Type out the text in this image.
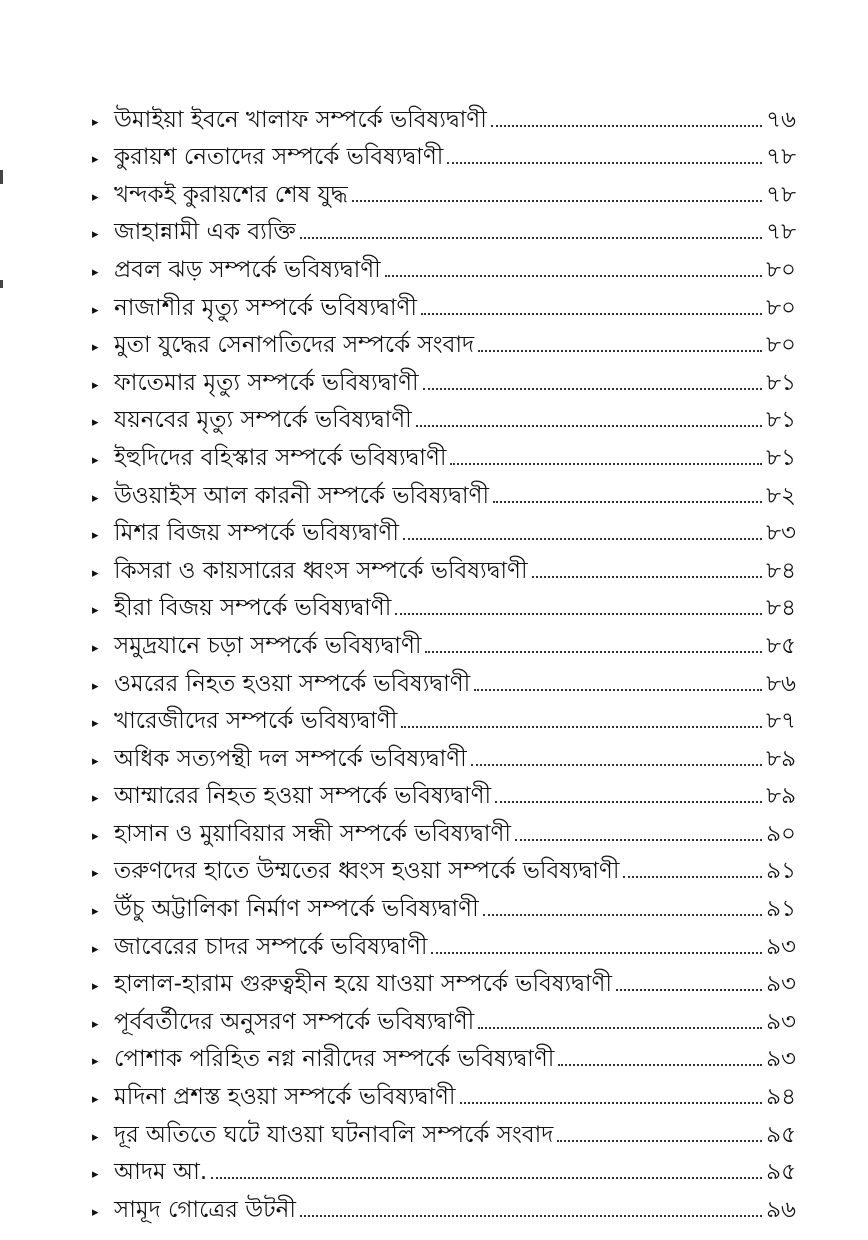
▸ উমাইয়া ইবনে খালাফ সম্পর্কে ভবিষ্যদ্বাণী	৭৬
▸ কুরায়শ নেতাদের সম্পর্কে ভবিষ্যদ্বাণী	৭৮
▸ খন্দকই কুরায়শের শেষ যুদ্ধ	৭৮
▸ জাহান্নামী এক ব্যক্তি	৭৮
▸ প্রবল ঝড় সম্পর্কে ভবিষ্যদ্বাণী	৮০
▸ নাজাশীর মৃত্যু সম্পর্কে ভবিষ্যদ্বাণী	৮০
▸ মুতা যুদ্ধের সেনাপতিদের সম্পর্কে সংবাদ	৮০
▸ ফাতেমার মৃত্যু সম্পর্কে ভবিষ্যদ্বাণী	৮১
▸ যয়নবের মৃত্যু সম্পর্কে ভবিষ্যদ্বাণী	৮১
▸ ইহুদিদের বহিস্কার সম্পর্কে ভবিষ্যদ্বাণী	৮১
▸ উওয়াইস আল কারনী সম্পর্কে ভবিষ্যদ্বাণী	৮২
▸ মিশর বিজয় সম্পর্কে ভবিষ্যদ্বাণী	৮৩
▸ কিসরা ও কায়সারের ধ্বংস সম্পর্কে ভবিষ্যদ্বাণী	৮৪
▸ হীরা বিজয় সম্পর্কে ভবিষ্যদ্বাণী	৮৪
▸ সমুদ্রযানে চড়া সম্পর্কে ভবিষ্যদ্বাণী	৮৫
▸ ওমরের নিহত হওয়া সম্পর্কে ভবিষ্যদ্বাণী	৮৬
▸ খারেজীদের সম্পর্কে ভবিষ্যদ্বাণী	৮৭
▸ অধিক সত্যপন্থী দল সম্পর্কে ভবিষ্যদ্বাণী	৮৯
▸ আম্মারের নিহত হওয়া সম্পর্কে ভবিষ্যদ্বাণী	৮৯
▸ হাসান ও মুয়াবিয়ার সন্ধী সম্পর্কে ভবিষ্যদ্বাণী	৯০
▸ তরুণদের হাতে উম্মতের ধ্বংস হওয়া সম্পর্কে ভবিষ্যদ্বাণী	৯১
▸ উঁচু অট্টালিকা নির্মাণ সম্পর্কে ভবিষ্যদ্বাণী	৯১
▸ জাবেরের চাদর সম্পর্কে ভবিষ্যদ্বাণী	৯৩
▸ হালাল-হারাম গুরুত্বহীন হয়ে যাওয়া সম্পর্কে ভবিষ্যদ্বাণী	৯৩
▸ পূর্ববর্তীদের অনুসরণ সম্পর্কে ভবিষ্যদ্বাণী	৯৩
▸ পোশাক পরিহিত নগ্ন নারীদের সম্পর্কে ভবিষ্যদ্বাণী	৯৩
▸ মদিনা প্রশস্ত হওয়া সম্পর্কে ভবিষ্যদ্বাণী	৯৪
▸ দূর অতিতে ঘটে যাওয়া ঘটনাবলি সম্পর্কে সংবাদ	৯৫
▸ আদম আ.	৯৫
▸ সামূদ গোত্রের উটনী	৯৬
